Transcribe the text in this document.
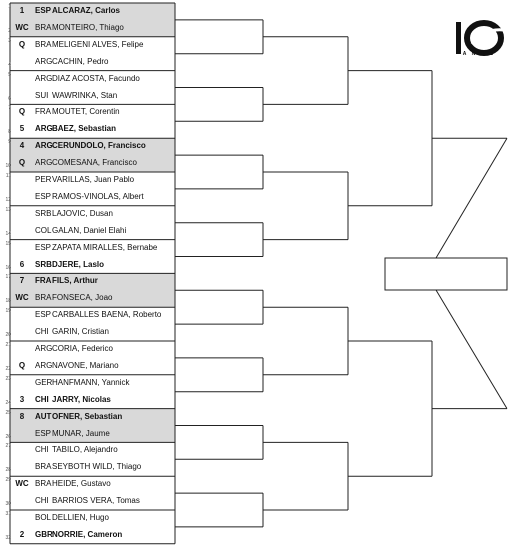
1	1	ESP ALCARAZ, Carlos
2 WC BRA MONTEIRO, Thiago
3 Q	BRA MELIGENI ALVES, Felipe
4	ARG CACHIN, Pedro
5	ARG DIAZ ACOSTA, Facundo
6	SUI WAWRINKA, Stan
7 Q	FRA MOUTET, Corentin
8	5	ARG BAEZ, Sebastian
9	4	ARG CERUNDOLO, Francisco
10 Q	ARG COMESANA, Francisco
11	PER VARILLAS, Juan Pablo
12	ESP RAMOS-VINOLAS, Albert
13	SRB LAJOVIC, Dusan
14	COL GALAN, Daniel Elahi
15	ESP ZAPATA MIRALLES, Bernabe
16	6	SRB DJERE, Laslo
17	7	FRA FILS, Arthur
18 WC BRA FONSECA, Joao
19	ESP CARBALLES BAENA, Roberto
20	CHI GARIN, Cristian
21	ARG CORIA, Federico
22 Q	ARG NAVONE, Mariano
23	GER HANFMANN, Yannick
24	3	CHI JARRY, Nicolas
25	8	AUT OFNER, Sebastian
26	ESP MUNAR, Jaume
27	CHI TABILO, Alejandro
28	BRA SEYBOTH WILD, Thiago
29 WC BRA HEIDE, Gustavo
30	CHI BARRIOS VERA, Tomas
31	BOL DELLIEN, Hugo
32	2	GBR NORRIE, Cameron
A N O S
